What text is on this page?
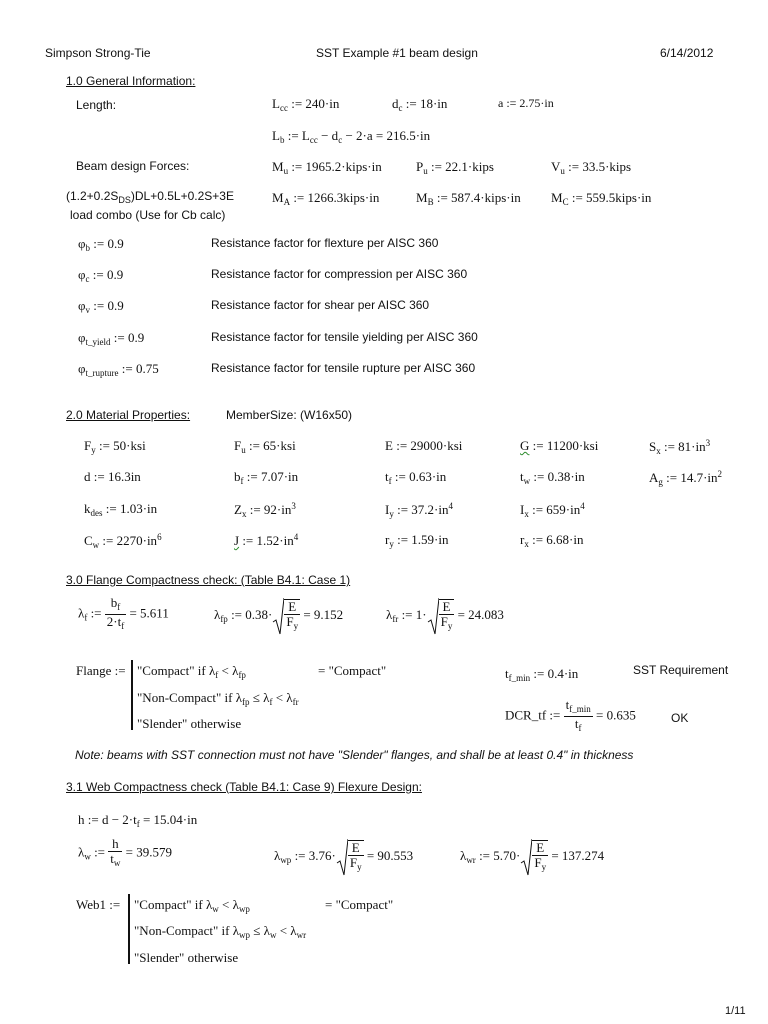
Simpson Strong-Tie	SST Example #1 beam design	6/14/2012
1.0 General Information:
Length:	$L_{cc}$ := 240·in	$d_c$ := 18·in	a := 2.75·in
$L_b$ := $L_{cc} - d_c - 2\cdot a = 216.5\cdot in$
Beam design Forces:	$M_u$ := 1965.2·kips·in	$P_u$ := 22.1·kips	$V_u$ := 33.5·kips
$(1.2+0.2S_{DS})DL+0.5L+0.2S+3E$
load combo (Use for Cb calc)
$M_A$ := 1266.3kips·in	$M_B$ := 587.4·kips·in $M_C$ := 559.5kips·in
$\varphi_b$ := 0.9	Resistance factor for flexture per AISC 360
$\varphi_c$ := 0.9	Resistance factor for compression per AISC 360
$\varphi_v$ := 0.9	Resistance factor for shear per AISC 360
$\varphi_{t\_yield}$ := 0.9	Resistance factor for tensile yielding per AISC 360
$\varphi_{t\_rupture}$ := 0.75	Resistance factor for tensile rupture per AISC 360
2.0 Material Properties:	MemberSize: (W16x50)
$F_y$ := 50·ksi	$F_u$ := 65·ksi	E := 29000·ksi	G := 11200·ksi	$S_x$ := $81\cdot in^3$
d := 16.3in	$b_f$ := 7.07·in	$t_f$ := 0.63·in	$t_w$ := 0.38·in	$A_g$ := $14.7\cdot in^2$
$k_{des}$ := 1.03·in	$Z_x$ := $92\cdot in^3$	$I_y$ := $37.2\cdot in^4$	$I_x$ := $659\cdot in^4$
$C_w$ := $2270\cdot in^6$	J := $1.52\cdot in^4$	$r_y$ := 1.59·in	$r_x$ := 6.68·in
3.0 Flange Compactness check: (Table B4.1: Case 1)
$\lambda_f$ := $\frac{b_f}{2\cdot t_f} = 5.611$	$\lambda_{fp}$ := $0.38\cdot \frac{E}{F_y} = 9.152$	$\lambda_{fr}$ := $1\cdot \frac{E}{F_y} = 24.083$
Flange := "Compact" if $\lambda_f < \lambda_{fp}$
"Non-Compact" if $\lambda_{fp} \le \lambda_f < \lambda_{fr}$
"Slender" otherwise
= "Compact"	$t_{f\_min}$ := 0.4·in	SST Requirement
DCR_tf := $\frac{t_{f\_min}}{t_f} = 0.635$	OK
Note: beams with SST connection must not have "Slender" flanges, and shall be at least 0.4" in thickness
3.1 Web Compactness check (Table B4.1: Case 9) Flexure Design:
h := $d - 2\cdot t_f = 15.04\cdot in$
$\lambda_w$ := $\frac{h}{t_w} = 39.579$	$\lambda_{wp}$ := $3.76\cdot \frac{E}{F_y} = 90.553$	$\lambda_{wr}$ := $5.70\cdot \frac{E}{F_y} = 137.274$
Web1 := "Compact" if $\lambda_w < \lambda_{wp}$
"Non-Compact" if $\lambda_{wp} \le \lambda_w < \lambda_{wr}$
"Slender" otherwise
= "Compact"
1/11
